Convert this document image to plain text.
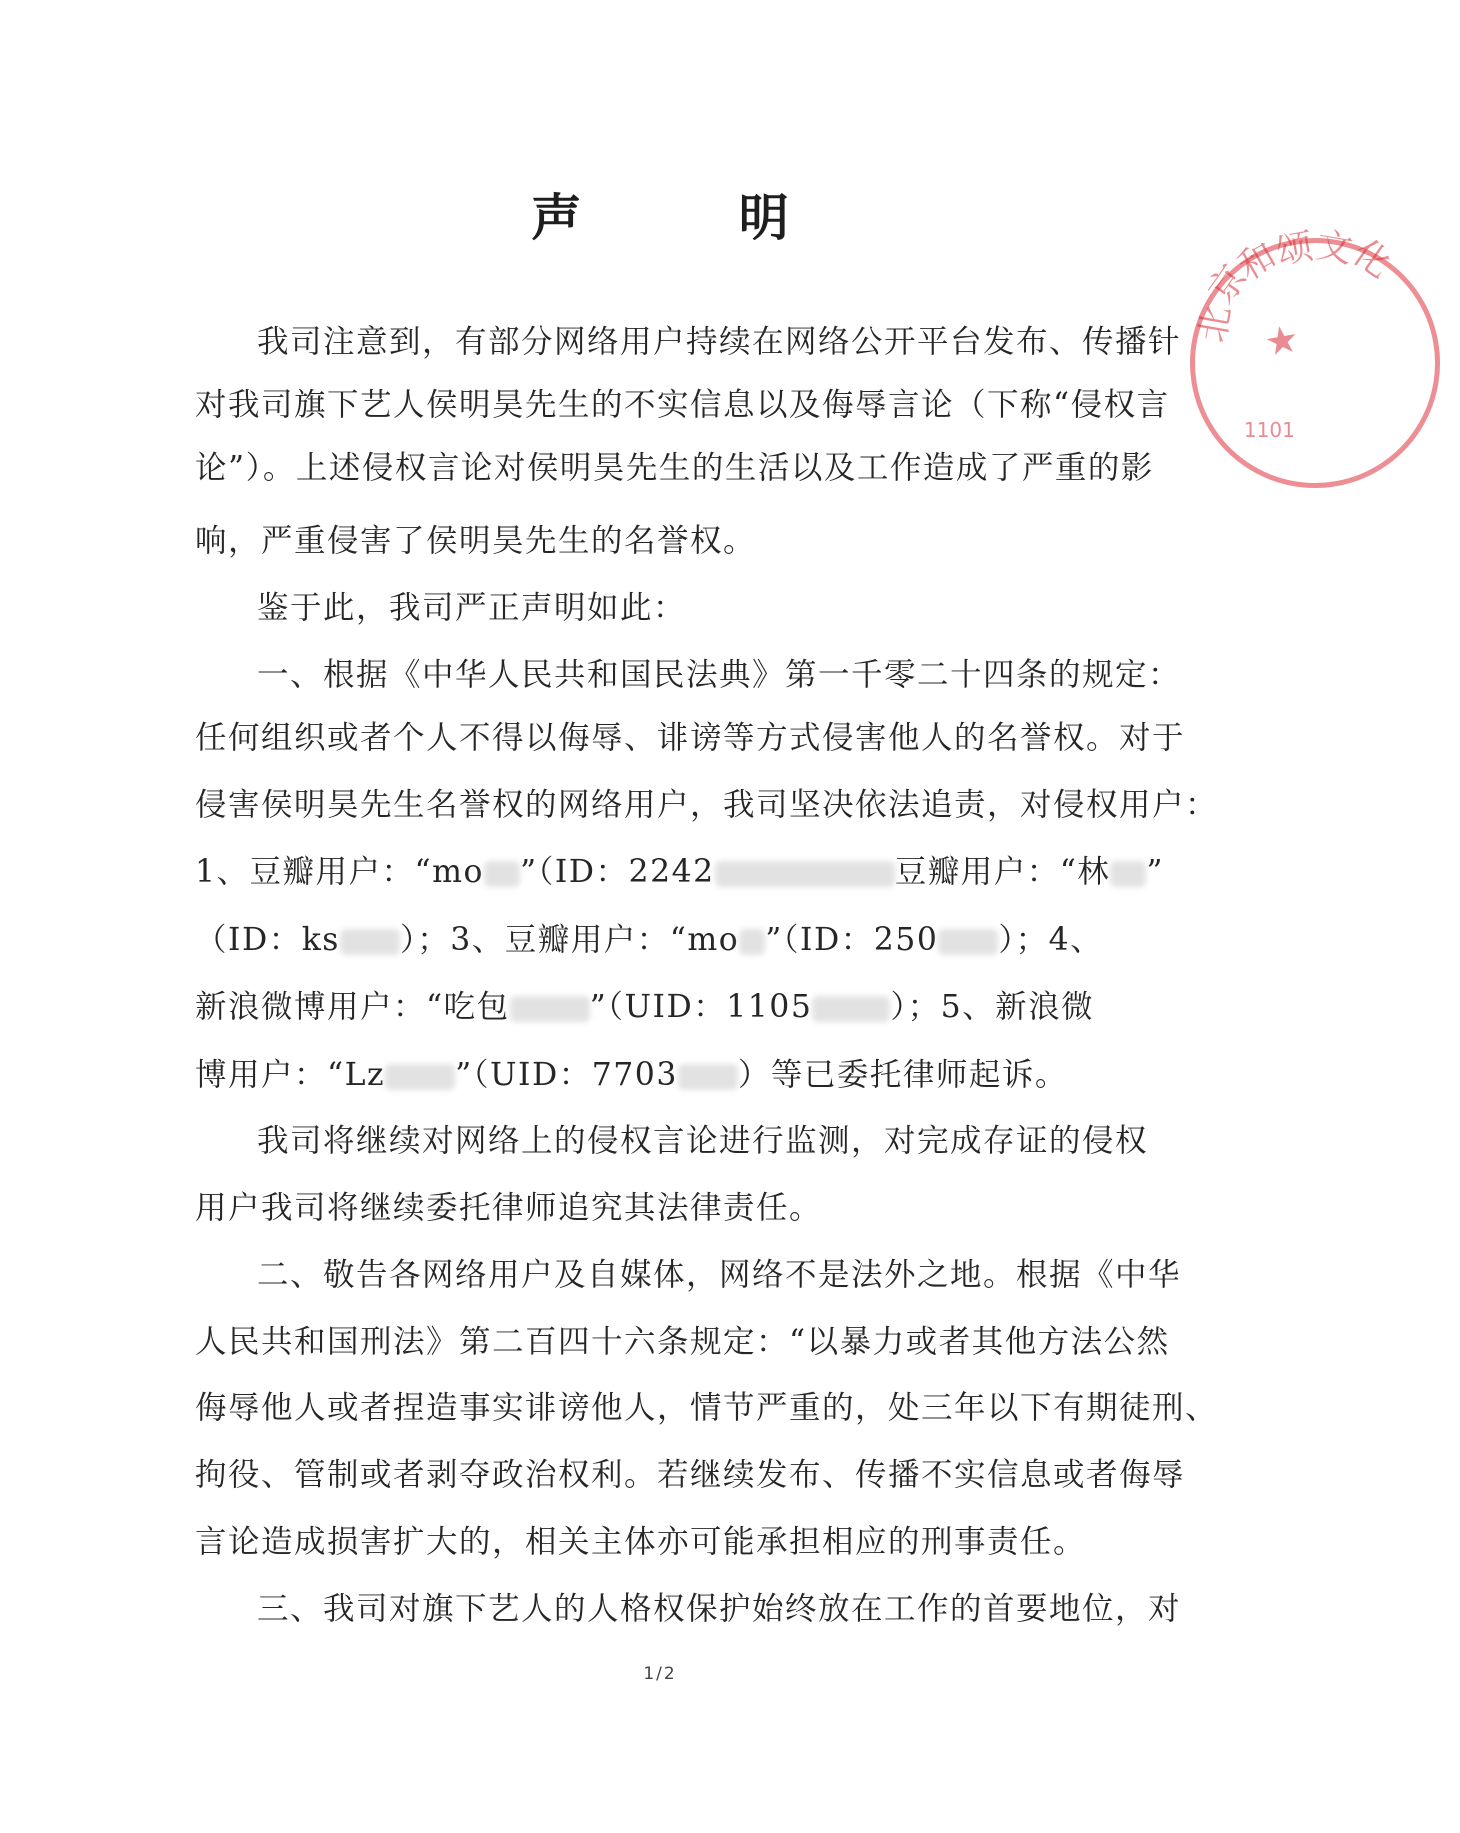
声 明
我司注意到，有部分网络用户持续在网络公开平台发布、传播针
对我司旗下艺人侯明昊先生的不实信息以及侮辱言论（下称“侵权言
论”）。上述侵权言论对侯明昊先生的生活以及工作造成了严重的影
响，严重侵害了侯明昊先生的名誉权。
鉴于此，我司严正声明如此：
一、根据《中华人民共和国民法典》第一千零二十四条的规定：
任何组织或者个人不得以侮辱、诽谤等方式侵害他人的名誉权。对于
侵害侯明昊先生名誉权的网络用户，我司坚决依法追责，对侵权用户：
1、豆瓣用户：“mo ”（ID：2242	豆瓣用户：“林 ”
（ID：ks ）；3、豆瓣用户：“mo ”（ID：250 ）；4、
新浪微博用户：“吃包	”（UID：1105 ）；5、新浪微
博用户：“Lz ”（UID：7703 ）等已委托律师起诉。
我司将继续对网络上的侵权言论进行监测，对完成存证的侵权
用户我司将继续委托律师追究其法律责任。
二、敬告各网络用户及自媒体，网络不是法外之地。根据《中华
人民共和国刑法》第二百四十六条规定：“以暴力或者其他方法公然
侮辱他人或者捏造事实诽谤他人，情节严重的，处三年以下有期徒刑、
拘役、管制或者剥夺政治权利。若继续发布、传播不实信息或者侮辱
言论造成损害扩大的，相关主体亦可能承担相应的刑事责任。
三、我司对旗下艺人的人格权保护始终放在工作的首要地位，对
1/2
北
京
和
颂
文
化
1101
★
